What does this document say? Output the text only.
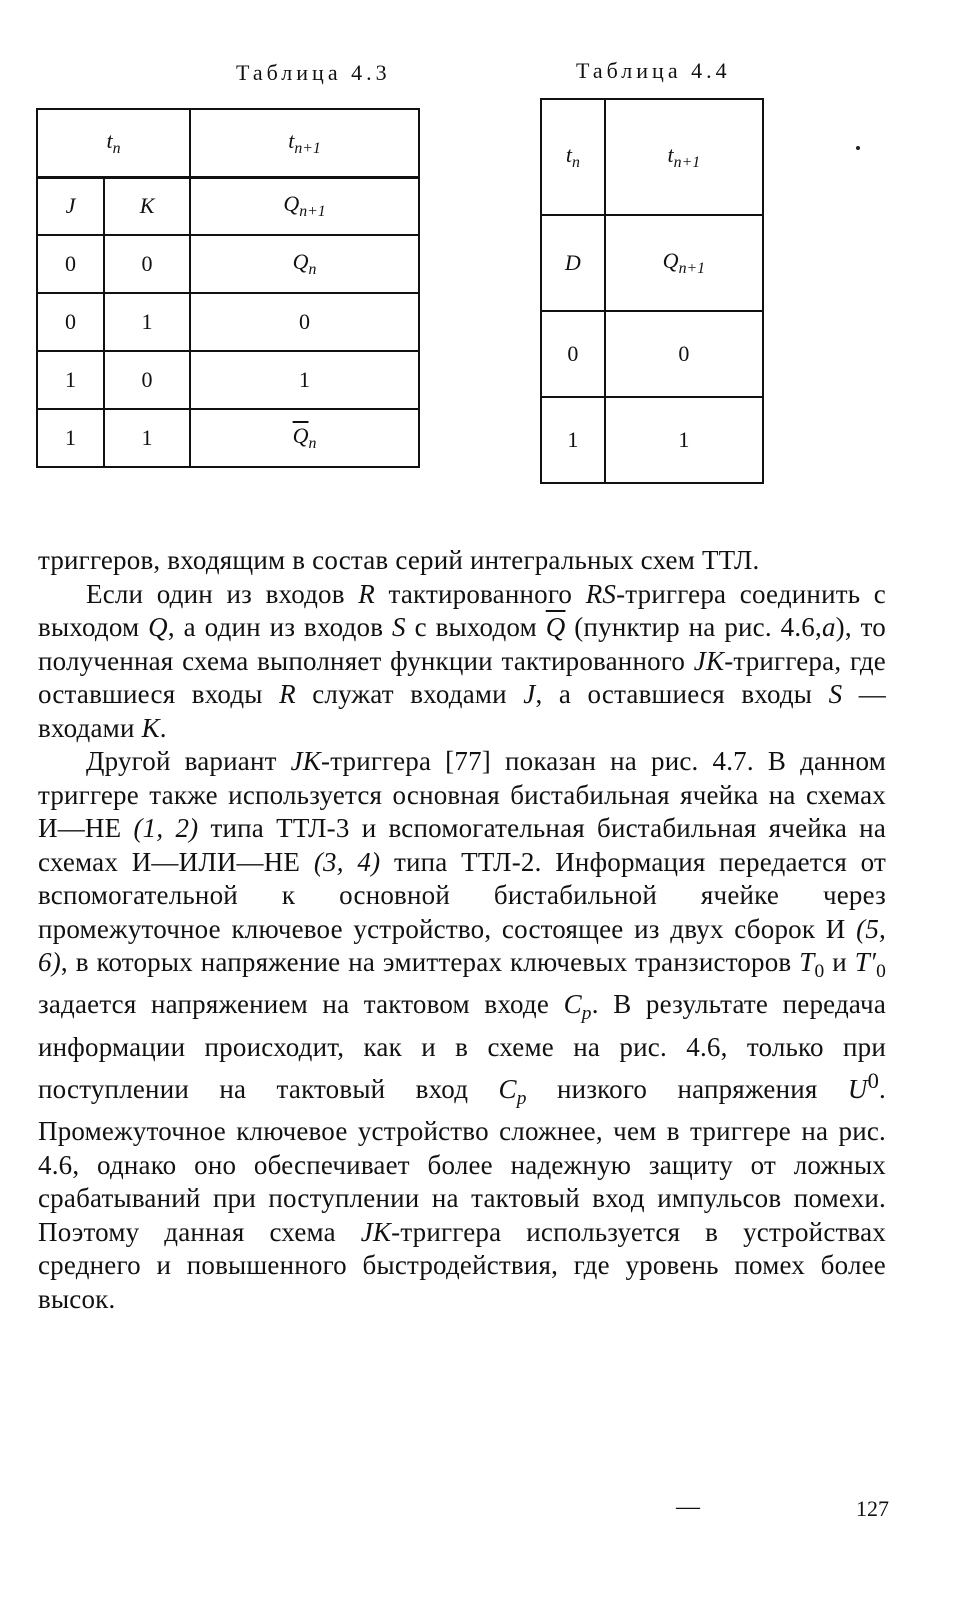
Таблица 4.3	Таблица 4.4
$t_n$		$t_{n+1}$
J	K	$Q_{n+1}$
0	0	$Q_n$
0	1	0
1	0	1
1	1	$\overline{Q}_n$
$t_n$	$t_{n+1}$
D	$Q_{n+1}$
0	0
1	1

триггеров, входящим в состав серий интегральных схем ТТЛ.

Если один из входов R тактированного RS-триггера соединить с выходом Q, а один из входов S с выходом $\overline{Q}$ (пунктир на рис. 4.6,а), то полученная схема выполняет функции тактированного JK-триггера, где оставшиеся входы R служат входами J, а оставшиеся входы S — входами K.

Другой вариант JK-триггера [77] показан на рис. 4.7. В данном триггере также используется основная бистабильная ячейка на схемах И—НЕ (1, 2) типа ТТЛ-3 и вспомогательная бистабильная ячейка на схемах И—ИЛИ—НЕ (3, 4) типа ТТЛ-2. Информация передается от вспомогательной к основной бистабильной ячейке через промежуточное ключевое устройство, состоящее из двух сборок И (5, 6), в которых напряжение на эмиттерах ключевых транзисторов $T_0$ и $T'_0$ задается напряжением на тактовом входе $C_p$. В результате передача информации происходит, как и в схеме на рис. 4.6, только при поступлении на тактовый вход $C_p$ низкого напряжения $U^0$. Промежуточное ключевое устройство сложнее, чем в триггере на рис. 4.6, однако оно обеспечивает более надежную защиту от ложных срабатываний при поступлении на тактовый вход импульсов помехи. Поэтому данная схема JK-триггера используется в устройствах среднего и повышенного быстродействия, где уровень помех более высок.

—	127
